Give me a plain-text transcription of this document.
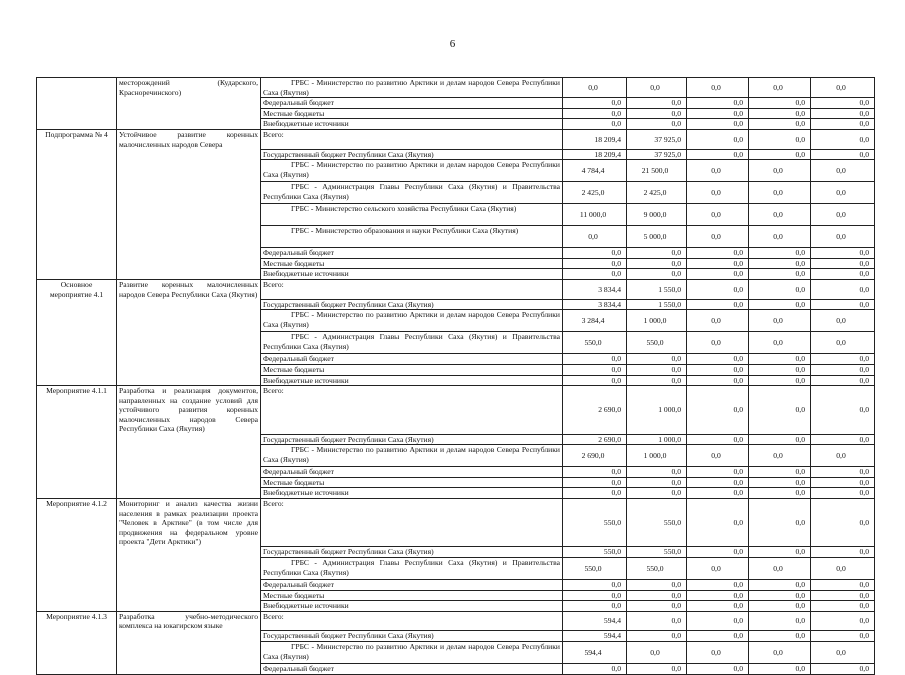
6
	месторождений (Кударского, Красноречинского)	ГРБС - Министерство по развитию Арктики и делам народов Севера Республики Саха (Якутия)	0,0	0,0	0,0	0,0	0,0
		Федеральный бюджет	0,0	0,0	0,0	0,0	0,0
		Местные бюджеты	0,0	0,0	0,0	0,0	0,0
		Внебюджетные источники	0,0	0,0	0,0	0,0	0,0
Подпрограмма № 4	Устойчивое развитие коренных малочисленных народов Севера	Всего:	18 209,4	37 925,0	0,0	0,0	0,0
		Государственный бюджет Республики Саха (Якутия)	18 209,4	37 925,0	0,0	0,0	0,0
		ГРБС - Министерство по развитию Арктики и делам народов Севера Республики Саха (Якутия)	4 784,4	21 500,0	0,0	0,0	0,0
		ГРБС - Администрация Главы Республики Саха (Якутия) и Правительства Республики Саха (Якутия)	2 425,0	2 425,0	0,0	0,0	0,0
		ГРБС - Министерство сельского хозяйства Республики Саха (Якутия)	11 000,0	9 000,0	0,0	0,0	0,0
		ГРБС - Министерство образования и науки Республики Саха (Якутия)	0,0	5 000,0	0,0	0,0	0,0
		Федеральный бюджет	0,0	0,0	0,0	0,0	0,0
		Местные бюджеты	0,0	0,0	0,0	0,0	0,0
		Внебюджетные источники	0,0	0,0	0,0	0,0	0,0
Основное мероприятие 4.1	Развитие коренных малочисленных народов Севера Республики Саха (Якутия)	Всего:	3 834,4	1 550,0	0,0	0,0	0,0
		Государственный бюджет Республики Саха (Якутия)	3 834,4	1 550,0	0,0	0,0	0,0
		ГРБС - Министерство по развитию Арктики и делам народов Севера Республики Саха (Якутия)	3 284,4	1 000,0	0,0	0,0	0,0
		ГРБС - Администрация Главы Республики Саха (Якутия) и Правительства Республики Саха (Якутия)	550,0	550,0	0,0	0,0	0,0
		Федеральный бюджет	0,0	0,0	0,0	0,0	0,0
		Местные бюджеты	0,0	0,0	0,0	0,0	0,0
		Внебюджетные источники	0,0	0,0	0,0	0,0	0,0
Мероприятие 4.1.1	Разработка и реализация документов, направленных на создание условий для устойчивого развития коренных малочисленных народов Севера Республики Саха (Якутия)	Всего:	2 690,0	1 000,0	0,0	0,0	0,0
		Государственный бюджет Республики Саха (Якутия)	2 690,0	1 000,0	0,0	0,0	0,0
		ГРБС - Министерство по развитию Арктики и делам народов Севера Республики Саха (Якутия)	2 690,0	1 000,0	0,0	0,0	0,0
		Федеральный бюджет	0,0	0,0	0,0	0,0	0,0
		Местные бюджеты	0,0	0,0	0,0	0,0	0,0
		Внебюджетные источники	0,0	0,0	0,0	0,0	0,0
Мероприятие 4.1.2	Мониторинг и анализ качества жизни населения в рамках реализации проекта "Человек в Арктике" (в том числе для продвижения на федеральном уровне проекта "Дети Арктики")	Всего:	550,0	550,0	0,0	0,0	0,0
		Государственный бюджет Республики Саха (Якутия)	550,0	550,0	0,0	0,0	0,0
		ГРБС - Администрация Главы Республики Саха (Якутия) и Правительства Республики Саха (Якутия)	550,0	550,0	0,0	0,0	0,0
		Федеральный бюджет	0,0	0,0	0,0	0,0	0,0
		Местные бюджеты	0,0	0,0	0,0	0,0	0,0
		Внебюджетные источники	0,0	0,0	0,0	0,0	0,0
Мероприятие 4.1.3	Разработка учебно-методического комплекса на юкагирском языке	Всего:	594,4	0,0	0,0	0,0	0,0
		Государственный бюджет Республики Саха (Якутия)	594,4	0,0	0,0	0,0	0,0
		ГРБС - Министерство по развитию Арктики и делам народов Севера Республики Саха (Якутия)	594,4	0,0	0,0	0,0	0,0
		Федеральный бюджет	0,0	0,0	0,0	0,0	0,0
